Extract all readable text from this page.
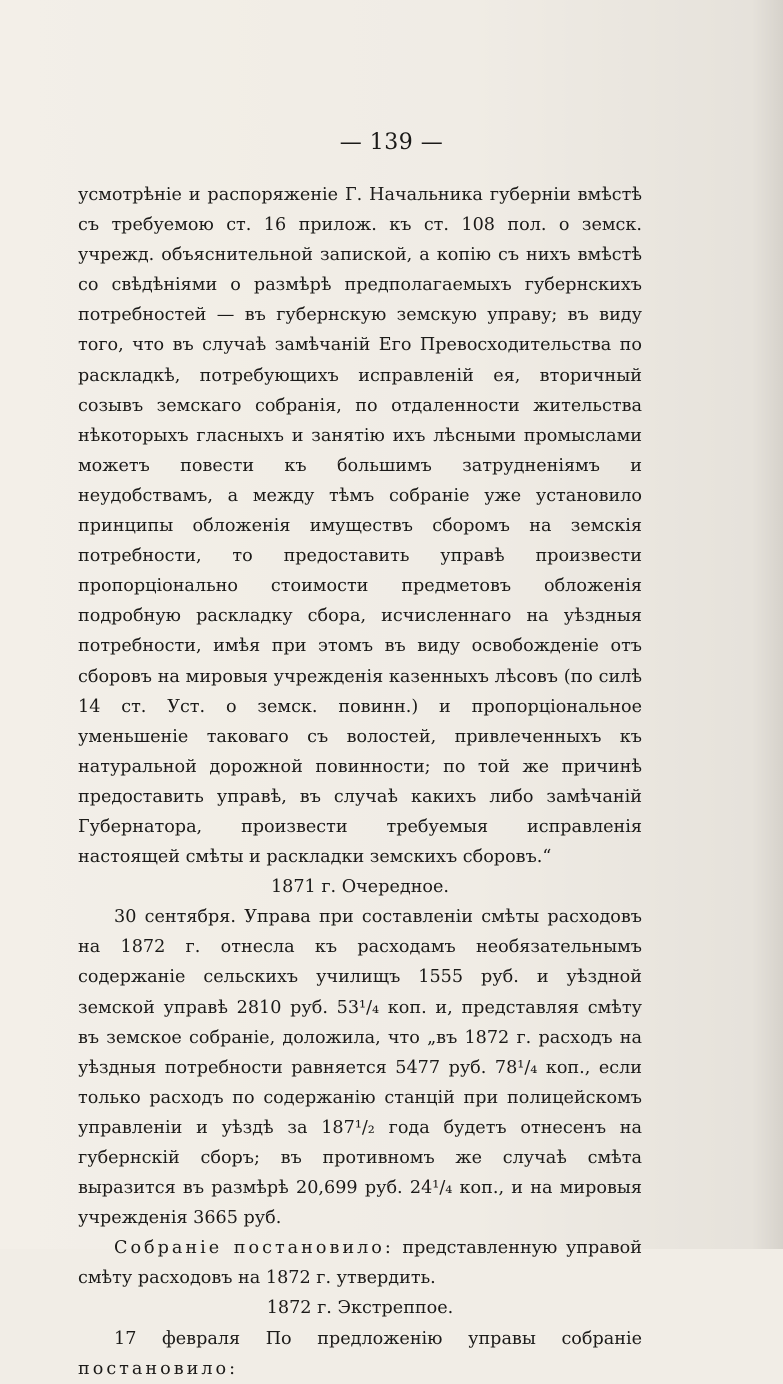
— 139 —

усмотрѣніе и распоряженіе Г. Начальника губерніи вмѣстѣ съ требуемою ст. 16 прилож. къ ст. 108 пол. о земск. учрежд. объяснительной запиской, а копію съ нихъ вмѣстѣ со свѣдѣніями о размѣрѣ предполагаемыхъ губернскихъ потребностей — въ губернскую земскую управу; въ виду того, что въ случаѣ замѣчаній Его Превосходительства по раскладкѣ, потребующихъ исправленій ея, вторичный созывъ земскаго собранія, по отдаленности жительства нѣкоторыхъ гласныхъ и занятію ихъ лѣсными промыслами можетъ повести къ большимъ затрудненіямъ и неудобствамъ, а между тѣмъ собраніе уже установило принципы обложенія имуществъ сборомъ на земскія потребности, то предоставить управѣ произвести пропорціонально стоимости предметовъ обложенія подробную раскладку сбора, исчисленнаго на уѣздныя потребности, имѣя при этомъ въ виду освобожденіе отъ сборовъ на мировыя учрежденія казенныхъ лѣсовъ (по силѣ 14 ст. Уст. о земск. повинн.) и пропорціональное уменьшеніе таковаго съ волостей, привлеченныхъ къ натуральной дорожной повинности; по той же причинѣ предоставить управѣ, въ случаѣ какихъ либо замѣчаній Губернатора, произвести требуемыя исправленія настоящей смѣты и раскладки земскихъ сборовъ.“

1871 г. Очередное.

30 сентября. Управа при составленіи смѣты расходовъ на 1872 г. отнесла къ расходамъ необязательнымъ содержаніе сельскихъ училищъ 1555 руб. и уѣздной земской управѣ 2810 руб. 53¹/₄ коп. и, представляя смѣту въ земское собраніе, доложила, что „въ 1872 г. расходъ на уѣздныя потребности равняется 5477 руб. 78¹/₄ коп., если только расходъ по содержанію станцій при полицейскомъ управленіи и уѣздѣ за 187¹/₂ года будетъ отнесенъ на губернскій сборъ; въ противномъ же случаѣ смѣта выразится въ размѣрѣ 20,699 руб. 24¹/₄ коп., и на мировыя учрежденія 3665 руб.

Собраніе постановило: представленную управой смѣту расходовъ на 1872 г. утвердить.

1872 г. Экстреппое.

17 февраля По предложенію управы собраніе постановило:
